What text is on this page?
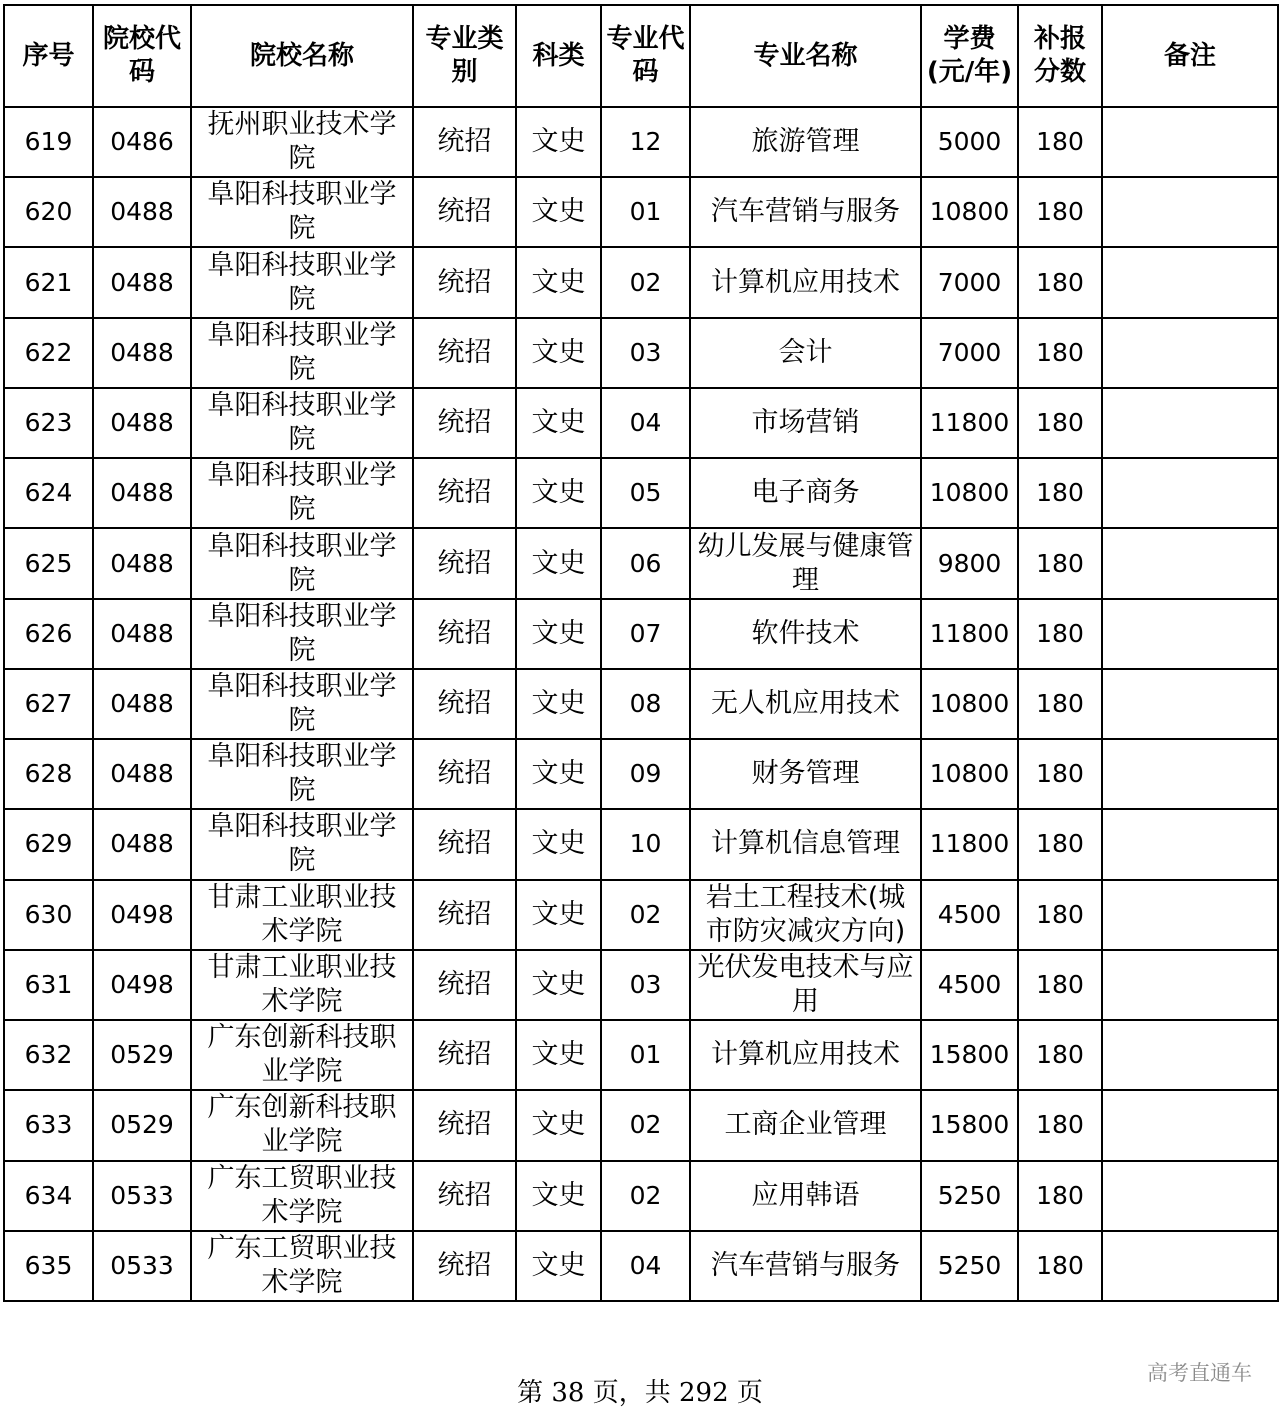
序号	院校代码	院校名称	专业类别	科类	专业代码	专业名称	学费(元/年)	补报分数	备注
619	0486	抚州职业技术学院	统招	文史	12	旅游管理	5000	180	
620	0488	阜阳科技职业学院	统招	文史	01	汽车营销与服务	10800	180	
621	0488	阜阳科技职业学院	统招	文史	02	计算机应用技术	7000	180	
622	0488	阜阳科技职业学院	统招	文史	03	会计	7000	180	
623	0488	阜阳科技职业学院	统招	文史	04	市场营销	11800	180	
624	0488	阜阳科技职业学院	统招	文史	05	电子商务	10800	180	
625	0488	阜阳科技职业学院	统招	文史	06	幼儿发展与健康管理	9800	180	
626	0488	阜阳科技职业学院	统招	文史	07	软件技术	11800	180	
627	0488	阜阳科技职业学院	统招	文史	08	无人机应用技术	10800	180	
628	0488	阜阳科技职业学院	统招	文史	09	财务管理	10800	180	
629	0488	阜阳科技职业学院	统招	文史	10	计算机信息管理	11800	180	
630	0498	甘肃工业职业技术学院	统招	文史	02	岩土工程技术(城市防灾减灾方向)	4500	180	
631	0498	甘肃工业职业技术学院	统招	文史	03	光伏发电技术与应用	4500	180	
632	0529	广东创新科技职业学院	统招	文史	01	计算机应用技术	15800	180	
633	0529	广东创新科技职业学院	统招	文史	02	工商企业管理	15800	180	
634	0533	广东工贸职业技术学院	统招	文史	02	应用韩语	5250	180	
635	0533	广东工贸职业技术学院	统招	文史	04	汽车营销与服务	5250	180	
第 38 页，共 292 页
高考直通车
